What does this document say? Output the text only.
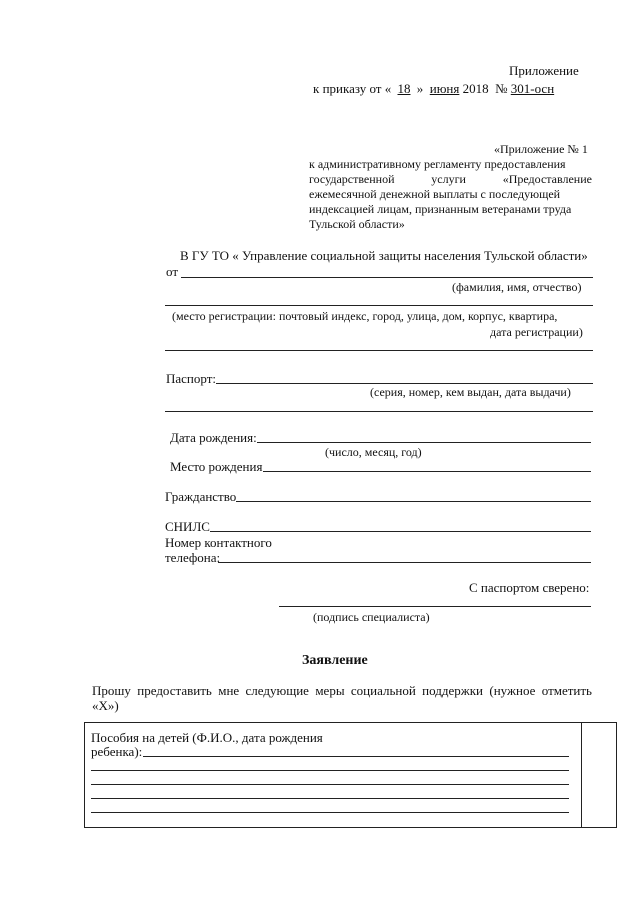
Приложение
к приказу от « 18 » июня 2018 № 301-осн
«Приложение № 1
к административному регламенту предоставления
государственной	услуги	«Предоставление
ежемесячной денежной выплаты с последующей
индексацией лицам, признанным ветеранами труда
Тульской области»
В ГУ ТО « Управление социальной защиты населения Тульской области»
от
(фамилия, имя, отчество)
(место регистрации: почтовый индекс, город, улица, дом, корпус, квартира,
дата регистрации)
Паспорт:
(серия, номер, кем выдан, дата выдачи)
Дата рождения:
(число, месяц, год)
Место рождения
Гражданство
СНИЛС
Номер контактного
телефона:
С паспортом сверено:
(подпись специалиста)
Заявление
Прошу предоставить мне следующие меры социальной поддержки (нужное отметить
«Х»)
Пособия на детей (Ф.И.О., дата рождения
ребенка):
